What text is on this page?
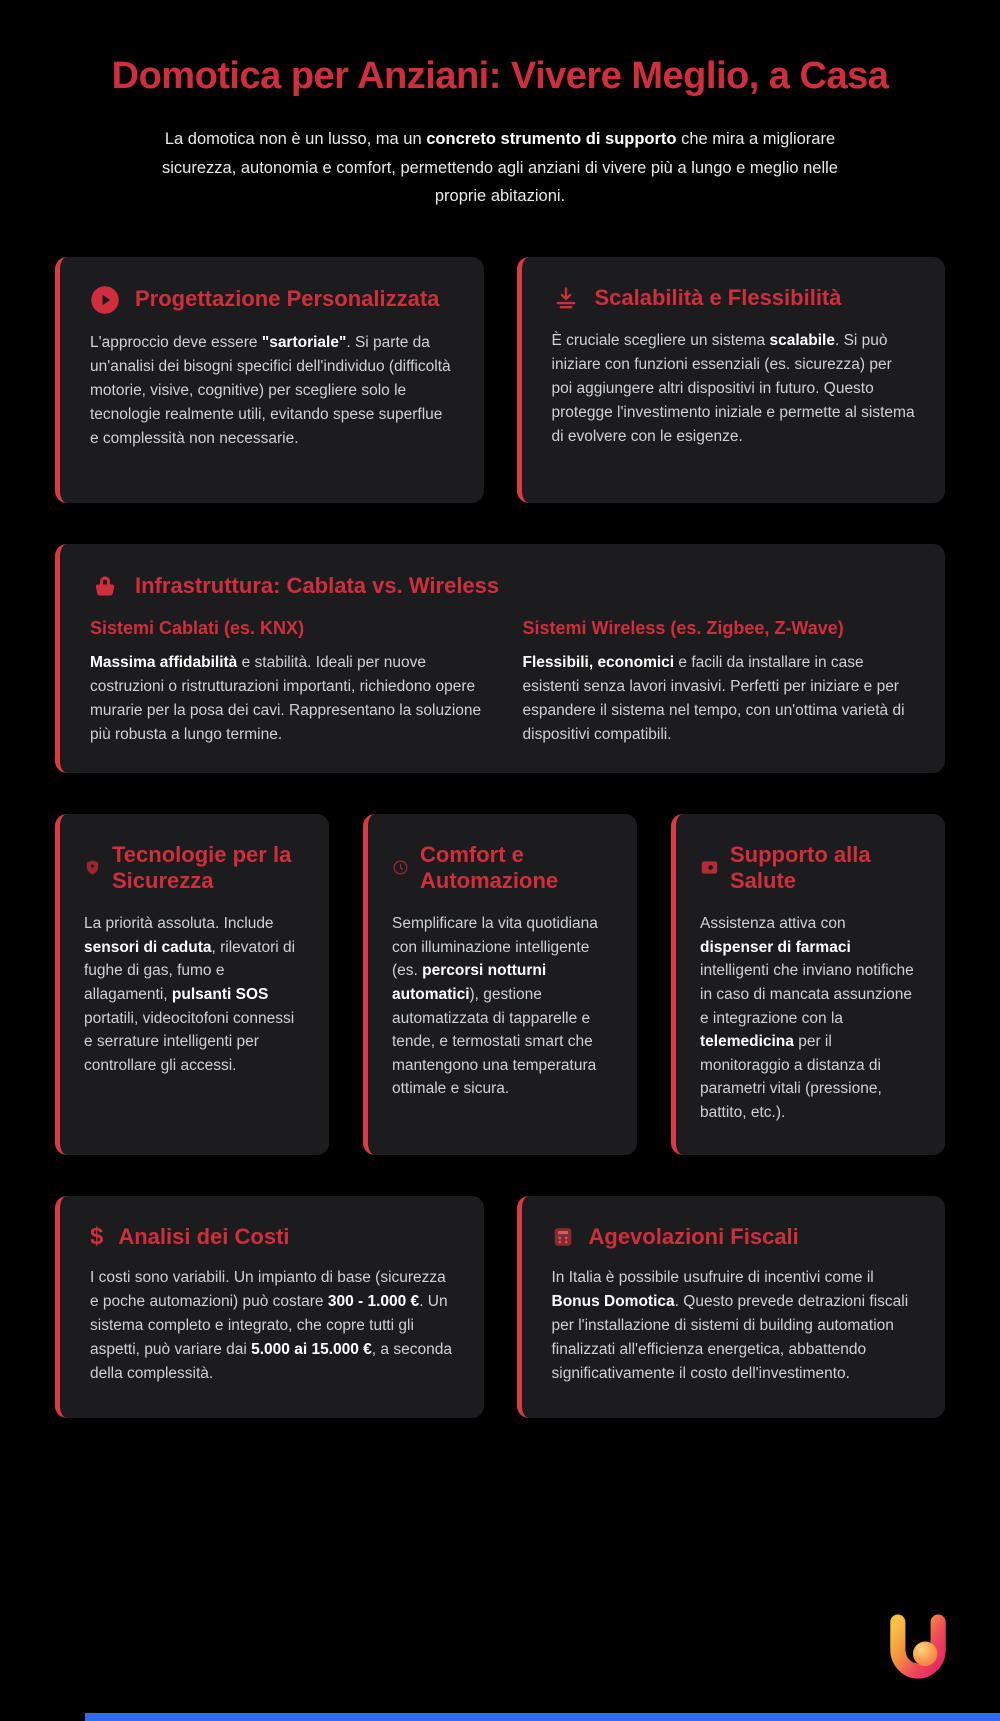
Domotica per Anziani: Vivere Meglio, a Casa

La domotica non è un lusso, ma un concreto strumento di supporto che mira a migliorare sicurezza, autonomia e comfort, permettendo agli anziani di vivere più a lungo e meglio nelle proprie abitazioni.

Progettazione Personalizzata
L'approccio deve essere "sartoriale". Si parte da un'analisi dei bisogni specifici dell'individuo (difficoltà motorie, visive, cognitive) per scegliere solo le tecnologie realmente utili, evitando spese superflue e complessità non necessarie.
Scalabilità e Flessibilità
È cruciale scegliere un sistema scalabile. Si può iniziare con funzioni essenziali (es. sicurezza) per poi aggiungere altri dispositivi in futuro. Questo protegge l'investimento iniziale e permette al sistema di evolvere con le esigenze.
Infrastruttura: Cablata vs. Wireless
Sistemi Cablati (es. KNX)
Massima affidabilità e stabilità. Ideali per nuove costruzioni o ristrutturazioni importanti, richiedono opere murarie per la posa dei cavi. Rappresentano la soluzione più robusta a lungo termine.
Sistemi Wireless (es. Zigbee, Z-Wave)
Flessibili, economici e facili da installare in case esistenti senza lavori invasivi. Perfetti per iniziare e per espandere il sistema nel tempo, con un'ottima varietà di dispositivi compatibili.
Tecnologie per la Sicurezza
La priorità assoluta. Include sensori di caduta, rilevatori di fughe di gas, fumo e allagamenti, pulsanti SOS portatili, videocitofoni connessi e serrature intelligenti per controllare gli accessi.
Comfort e Automazione
Semplificare la vita quotidiana con illuminazione intelligente (es. percorsi notturni automatici), gestione automatizzata di tapparelle e tende, e termostati smart che mantengono una temperatura ottimale e sicura.
Supporto alla Salute
Assistenza attiva con dispenser di farmaci intelligenti che inviano notifiche in caso di mancata assunzione e integrazione con la telemedicina per il monitoraggio a distanza di parametri vitali (pressione, battito, etc.).
$ Analisi dei Costi
I costi sono variabili. Un impianto di base (sicurezza e poche automazioni) può costare 300 - 1.000 €. Un sistema completo e integrato, che copre tutti gli aspetti, può variare dai 5.000 ai 15.000 €, a seconda della complessità.
Agevolazioni Fiscali
In Italia è possibile usufruire di incentivi come il Bonus Domotica. Questo prevede detrazioni fiscali per l'installazione di sistemi di building automation finalizzati all'efficienza energetica, abbattendo significativamente il costo dell'investimento.
